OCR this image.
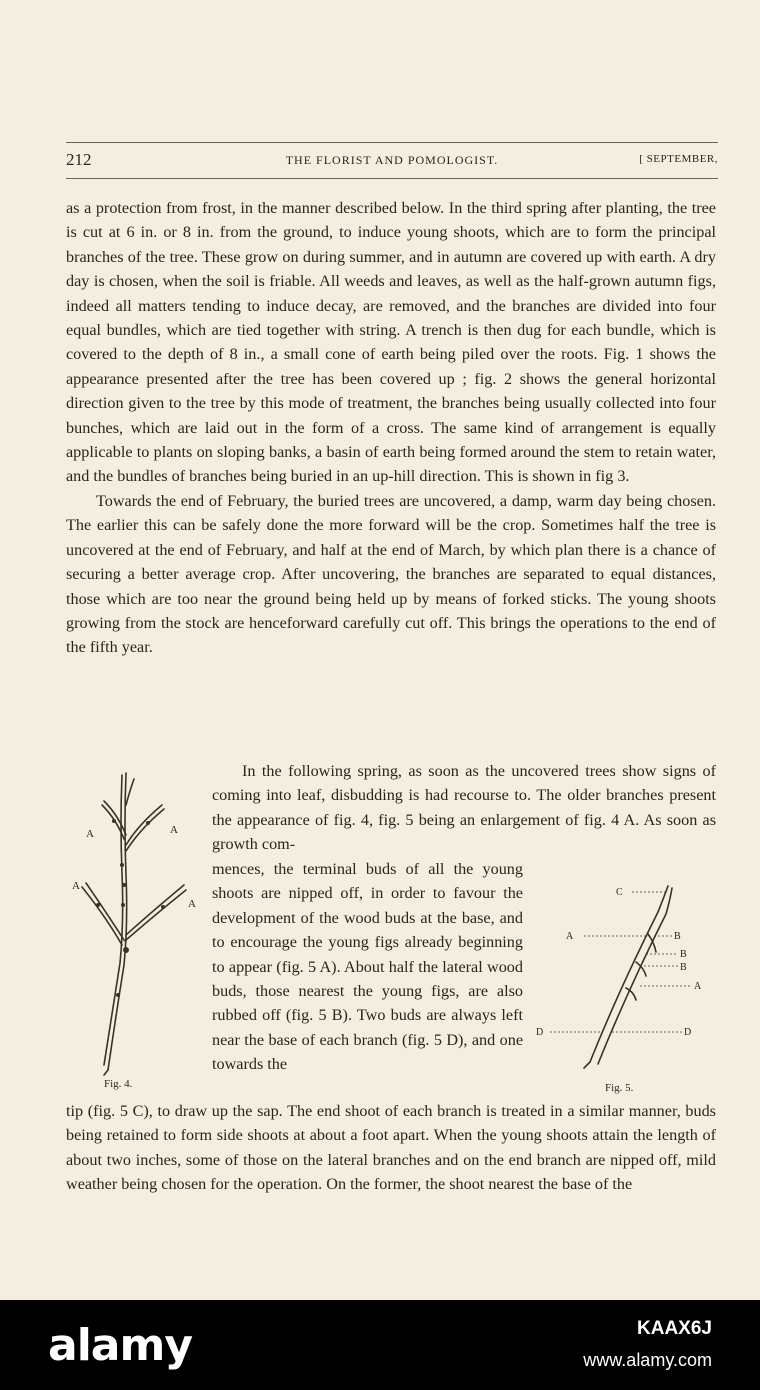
212	THE FLORIST AND POMOLOGIST.	[ SEPTEMBER,

as a protection from frost, in the manner described below. In the third spring after planting, the tree is cut at 6 in. or 8 in. from the ground, to induce young shoots, which are to form the principal branches of the tree. These grow on during summer, and in autumn are covered up with earth. A dry day is chosen, when the soil is friable. All weeds and leaves, as well as the half-grown autumn figs, indeed all matters tending to induce decay, are removed, and the branches are divided into four equal bundles, which are tied together with string. A trench is then dug for each bundle, which is covered to the depth of 8 in., a small cone of earth being piled over the roots. Fig. 1 shows the appearance presented after the tree has been covered up ; fig. 2 shows the general horizontal direction given to the tree by this mode of treatment, the branches being usually collected into four bunches, which are laid out in the form of a cross. The same kind of arrangement is equally applicable to plants on sloping banks, a basin of earth being formed around the stem to retain water, and the bundles of branches being buried in an up-hill direction. This is shown in fig 3.

Towards the end of February, the buried trees are uncovered, a damp, warm day being chosen. The earlier this can be safely done the more forward will be the crop. Sometimes half the tree is uncovered at the end of February, and half at the end of March, by which plan there is a chance of securing a better average crop. After uncovering, the branches are separated to equal distances, those which are too near the ground being held up by means of forked sticks. The young shoots growing from the stock are henceforward carefully cut off. This brings the operations to the end of the fifth year.

In the following spring, as soon as the uncovered trees show signs of coming into leaf, disbudding is had recourse to. The older branches present the appearance of fig. 4, fig. 5 being an enlargement of fig. 4 A. As soon as growth com-

mences, the terminal buds of all the young shoots are nipped off, in order to favour the development of the wood buds at the base, and to encourage the young figs already beginning to appear (fig. 5 A). About half the lateral wood buds, those nearest the young figs, are also rubbed off (fig. 5 B). Two buds are always left near the base of each branch (fig. 5 D), and one towards the

A	A
A
A
Fig. 4.
C
A	B
B
B
A
D	D
Fig. 5.

tip (fig. 5 C), to draw up the sap. The end shoot of each branch is treated in a similar manner, buds being retained to form side shoots at about a foot apart. When the young shoots attain the length of about two inches, some of those on the lateral branches and on the end branch are nipped off, mild weather being chosen for the operation. On the former, the shoot nearest the base of the

alamy	KAAX6J
www.alamy.com
